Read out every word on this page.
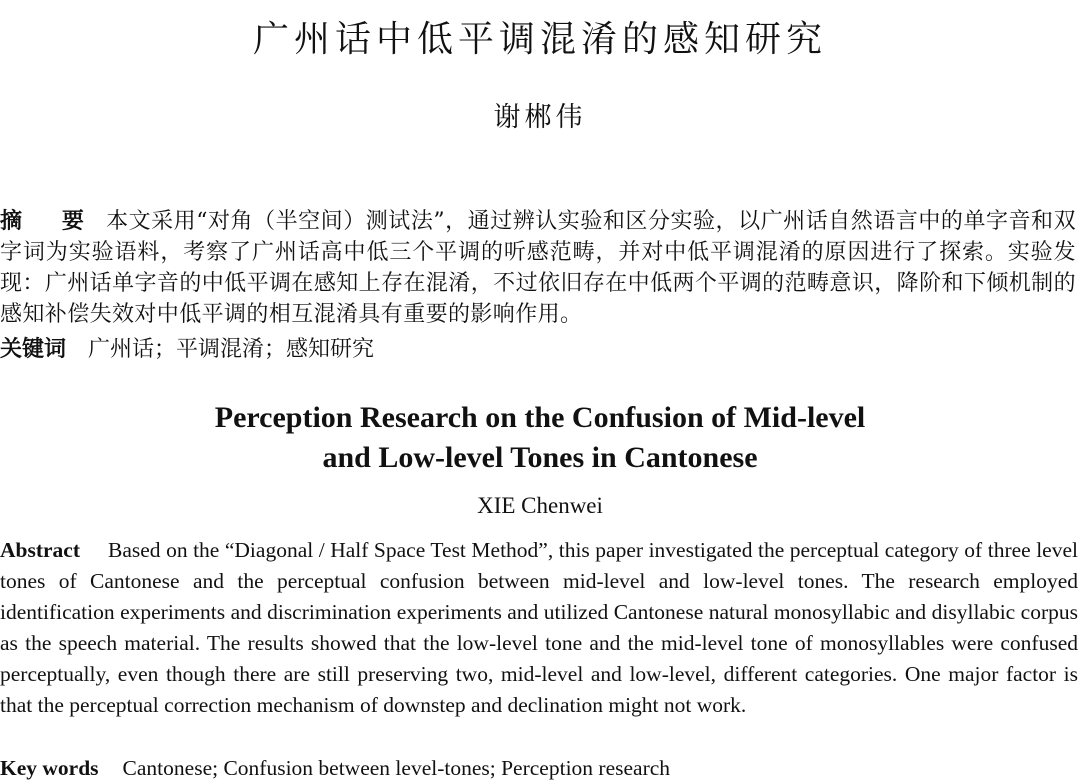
广州话中低平调混淆的感知研究
谢郴伟
摘 要 本文采用“对角（半空间）测试法”，通过辨认实验和区分实验，以广州话自然语言中的单字音和双字词为实验语料，考察了广州话高中低三个平调的听感范畴，并对中低平调混淆的原因进行了探索。实验发现：广州话单字音的中低平调在感知上存在混淆，不过依旧存在中低两个平调的范畴意识，降阶和下倾机制的感知补偿失效对中低平调的相互混淆具有重要的影响作用。
关键词 广州话；平调混淆；感知研究
Perception Research on the Confusion of Mid-level
and Low-level Tones in Cantonese
XIE Chenwei
Abstract Based on the “Diagonal / Half Space Test Method”, this paper investigated the perceptual category of three level tones of Cantonese and the perceptual confusion between mid-level and low-level tones. The research employed identification experiments and discrimination experiments and utilized Cantonese natural monosyllabic and disyllabic corpus as the speech material. The results showed that the low-level tone and the mid-level tone of monosyllables were confused perceptually, even though there are still preserving two, mid-level and low-level, different categories. One major factor is that the perceptual correction mechanism of downstep and declination might not work.
Key words Cantonese; Confusion between level-tones; Perception research
